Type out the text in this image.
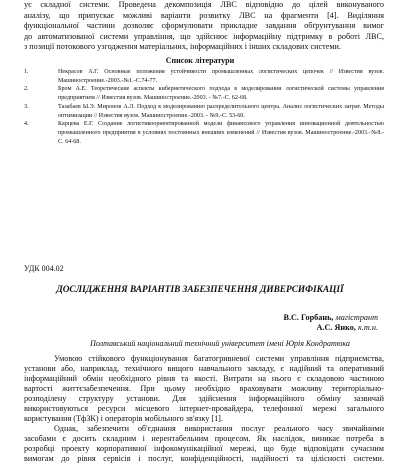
ує складної системи. Проведена декомпозиція ЛВС відповідно до цілей виконуваного
аналізу, що припускає можливі варіанти розвитку ЛВС на фрагменти [4]. Виділяння
функціональної частини дозволяє сформулювати прикладне завдання обґрунтування вимог
до автоматизованої системи управління, що здійснює інформаційну підтримку в роботі ЛВС,
з позиції потокового узгодження матеріальних, інформаційних і інших складових системи.
Список літератури
1.	Некрасов А.Г. Основные положения устойчивости промышленных логистических цепочек // Известия вузов. Машиностроение.-2003.-№1.-С.74-77.
2.	Бром А.Е. Теоретические аспекты кибернетического подхода в моделировании логистической системы управления предприятием // Известия вузов. Машиностроение.-2003. - №7.-С. 62-68.
3.	Тазабаев Ы.Э. Миронов А.Л. Подход к моделированию распределительного центра. Анализ логистических затрат. Методы оптимизации // Известия вузов. Машиностроение.-2003. - №9.-С. 53-60.
4.	Карцева Е.Г. Создание логистикоориентированной модели финансового управления инновационной деятельностью промышленного предприятия в условиях постоянных внешних изменений // Известия вузов. Машиностроение.-2003.-№8.-С. 64-68.
УДК 004.02
ДОСЛІДЖЕННЯ ВАРІАНТІВ ЗАБЕЗПЕЧЕННЯ ДИВЕРСИФІКАЦІЇ
В.С. Горбань, магістрант
А.С. Янко, к.т.н.
Полтавський національний технічний університет імені Юрія Кондратюка

Умовою стійкового функціонування багатогривневої системи управління підприємства,

установи або, наприклад, технічного вищого навчального закладу, є надійний та оперативний

інформаційний обмін необхідного рівня та якості. Витрати на нього є складовою частиною

вартості життєзабезпечення. При цьому необхідно враховувати можливу територіально-

розподілену структуру установи. Для здійснення інформаційного обміну зазвичай

використовуються ресурси місцевого інтернет-провайдера, телефонної мережі загального

користування (ТфЗК) і операторів мобільного зв'язку [1].

Однак, забезпечити об'єднання використання послуг реального часу звичайними

засобами є досить складним і нерентабельним процесом. Як наслідок, виникає потреба в

розробці проекту корпоративної інфокомунікаційної мережі, що буде відповідати сучасним

вимогам до рівня сервісів і послуг, конфіденційності, надійності та цілісності системи.
